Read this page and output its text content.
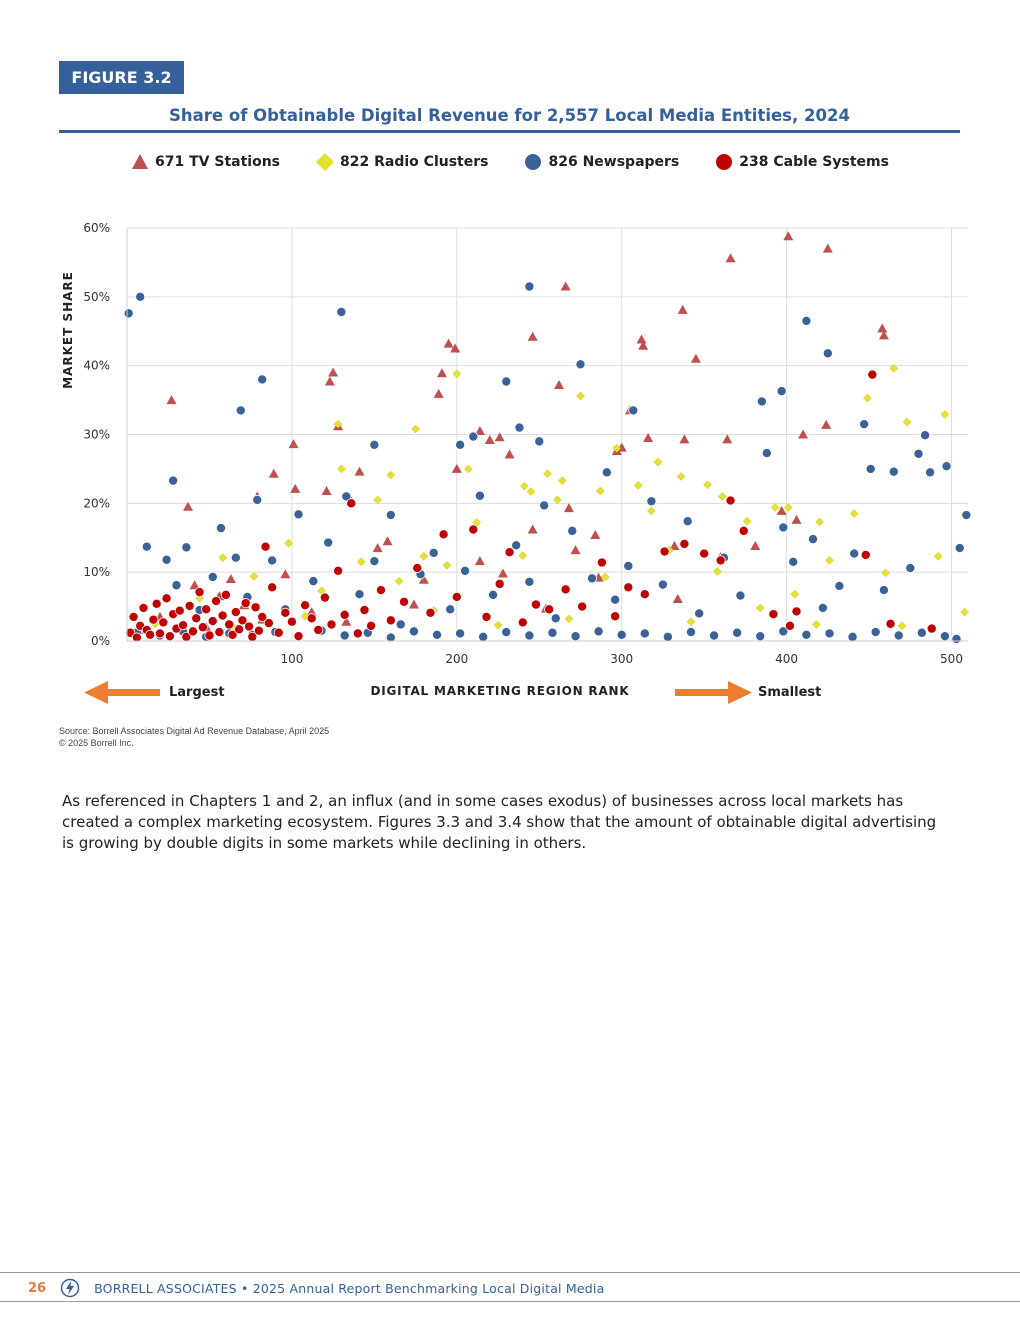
FIGURE 3.2
Share of Obtainable Digital Revenue for 2,557 Local Media Entities, 2024
671 TV Stations	822 Radio Clusters	826 Newspapers	238 Cable Systems
0%
10%
20%
30%
40%
50%
60%
100	200	300	400	500
MARKET SHARE
DIGITAL MARKETING REGION RANK
Largest	Smallest
Source: Borrell Associates Digital Ad Revenue Database, April 2025
© 2025 Borrell Inc.
As referenced in Chapters 1 and 2, an influx (and in some cases exodus) of businesses across local markets has created a complex marketing ecosystem. Figures 3.3 and 3.4 show that the amount of obtainable digital advertising is growing by double digits in some markets while declining in others.
26	BORRELL ASSOCIATES • 2025 Annual Report Benchmarking Local Digital Media
